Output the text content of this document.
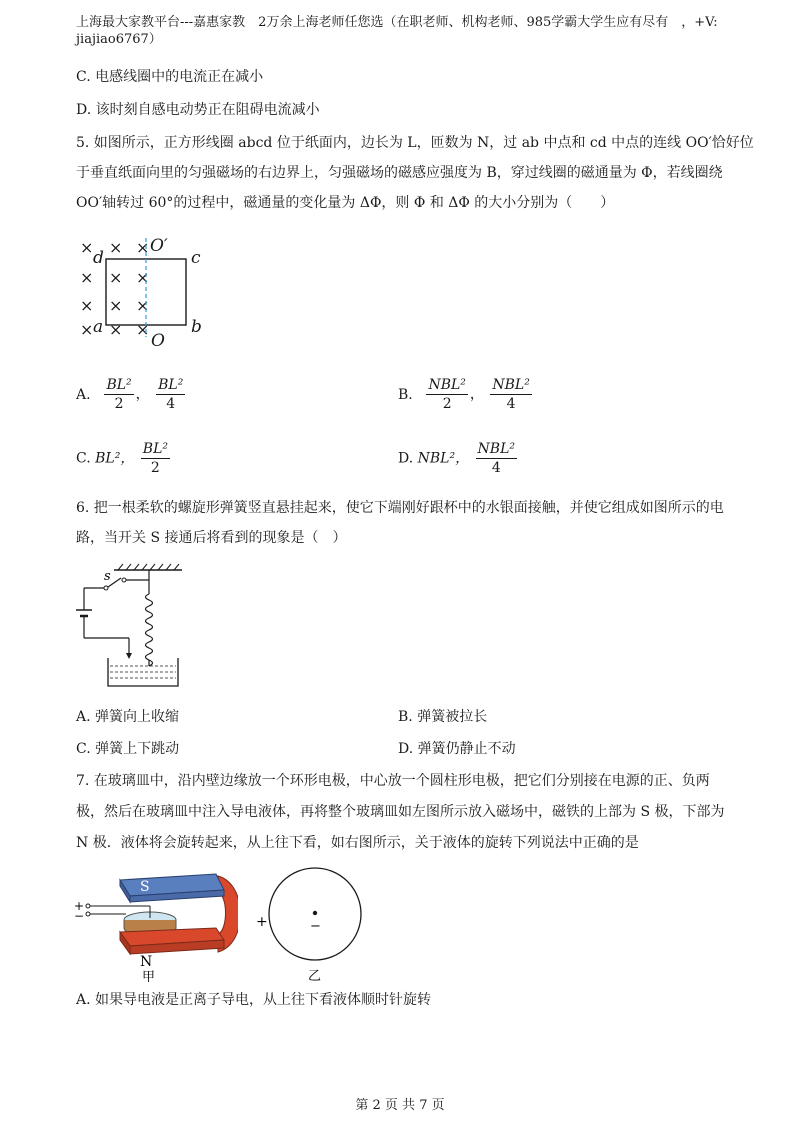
上海最大家教平台---嘉惠家教　2万余上海老师任您选（在职老师、机构老师、985学霸大学生应有尽有　，+V:
jiajiao6767）
C. 电感线圈中的电流正在减小
D. 该时刻自感电动势正在阻碍电流减小
5. 如图所示，正方形线圈 abcd 位于纸面内，边长为 L，匝数为 N，过 ab 中点和 cd 中点的连线 OO′恰好位
于垂直纸面向里的匀强磁场的右边界上，匀强磁场的磁感应强度为 B，穿过线圈的磁通量为 Φ，若线圈绕
OO′轴转过 60°的过程中，磁通量的变化量为 ΔΦ，则 Φ 和 ΔΦ 的大小分别为（　　）
× × ×
× × ×
× × ×
× × ×
d	c
a	b
O′
O
A. $\frac{\text{BL²}}{2}$ ， $\frac{\text{BL²}}{4}$	B. $\frac{\text{NBL²}}{2}$ ， $\frac{\text{NBL²}}{4}$
C. BL²， $\frac{\text{BL²}}{2}$	D. NBL²， $\frac{\text{NBL²}}{4}$
6. 把一根柔软的螺旋形弹簧竖直悬挂起来，使它下端刚好跟杯中的水银面接触，并使它组成如图所示的电
路，当开关 S 接通后将看到的现象是（　）
s
A. 弹簧向上收缩	B. 弹簧被拉长
C. 弹簧上下跳动	D. 弹簧仍静止不动
7. 在玻璃皿中，沿内壁边缘放一个环形电极，中心放一个圆柱形电极，把它们分别接在电源的正、负两
极，然后在玻璃皿中注入导电液体，再将整个玻璃皿如左图所示放入磁场中，磁铁的上部为 S 极，下部为
N 极．液体将会旋转起来，从上往下看，如右图所示，关于液体的旋转下列说法中正确的是
S
+
−
N
甲
+	−
乙
A. 如果导电液是正离子导电，从上往下看液体顺时针旋转
第 2 页 共 7 页
